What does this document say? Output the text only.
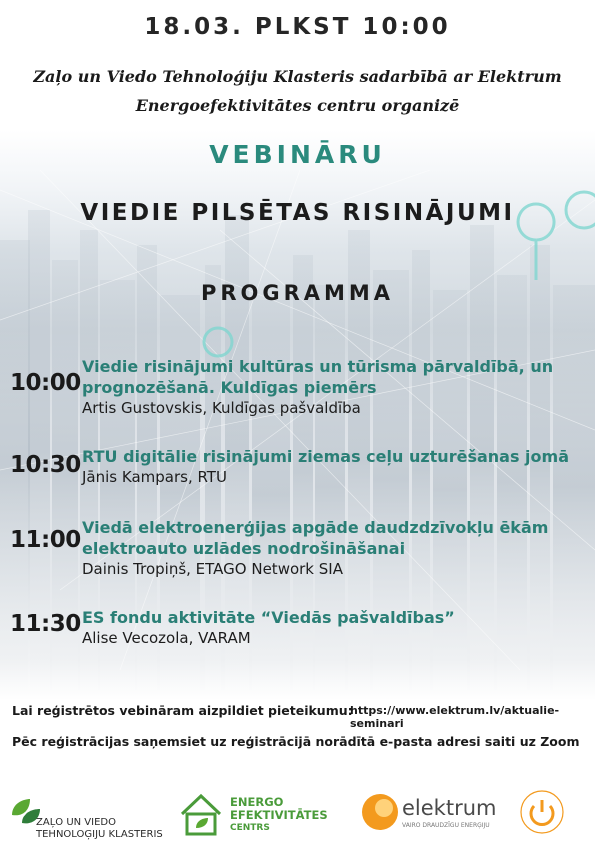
18.03. PLKST 10:00
Zaļo un Viedo Tehnoloģiju Klasteris sadarbībā ar Elektrum
Energoefektivitātes centru organizē
VEBINĀRU
VIEDIE PILSĒTAS RISINĀJUMI
PROGRAMMA
10:00
Viedie risinājumi kultūras un tūrisma pārvaldībā, un
prognozēšanā. Kuldīgas piemērs
Artis Gustovskis, Kuldīgas pašvaldība
10:30 RTU digitālie risinājumi ziemas ceļu uzturēšanas jomā
Jānis Kampars, RTU
11:00 Viedā elektroenerģijas apgāde daudzdzīvokļu ēkām
elektroauto uzlādes nodrošināšanai
Dainis Tropiņš, ETAGO Network SIA
11:30 ES fondu aktivitāte “Viedās pašvaldības”
Alise Vecozola, VARAM
Lai reģistrētos vebināram aizpildiet pieteikumu:
https://www.elektrum.lv/aktualie-seminari
Pēc reģistrācijas saņemsiet uz reģistrācijā norādītā e-pasta adresi saiti uz Zoom
ZAĻO UN VIEDO
TEHNOLOĢIJU KLASTERIS
ENERGO
EFEKTIVITĀTES
CENTRS
elektrum
VAIRO DRAUDZĪGU ENERĢIJU
